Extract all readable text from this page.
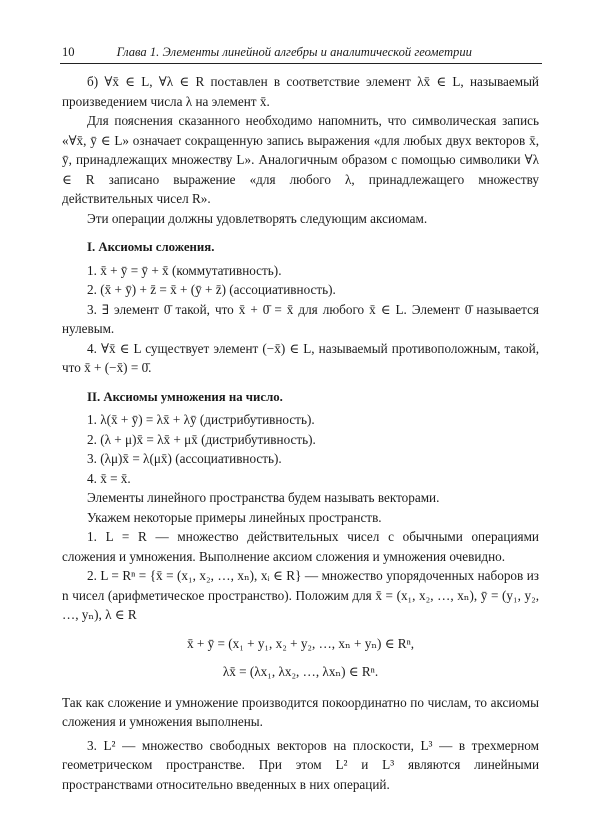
10	Глава 1. Элементы линейной алгебры и аналитической геометрии

б) ∀x̄ ∈ L, ∀λ ∈ R поставлен в соответствие элемент λx̄ ∈ L, называемый произведением числа λ на элемент x̄.

Для пояснения сказанного необходимо напомнить, что символическая запись «∀x̄, ȳ ∈ L» означает сокращенную запись выражения «для любых двух векторов x̄, ȳ, принадлежащих множеству L». Аналогичным образом с помощью символики ∀λ ∈ R записано выражение «для любого λ, принадлежащего множеству действительных чисел R».

Эти операции должны удовлетворять следующим аксиомам.

I. Аксиомы сложения.

1. x̄ + ȳ = ȳ + x̄ (коммутативность).

2. (x̄ + ȳ) + z̄ = x̄ + (ȳ + z̄) (ассоциативность).

3. ∃ элемент 0̄ такой, что x̄ + 0̄ = x̄ для любого x̄ ∈ L. Элемент 0̄ называется нулевым.

4. ∀x̄ ∈ L существует элемент (−x̄) ∈ L, называемый противоположным, такой, что x̄ + (−x̄) = 0̄.

II. Аксиомы умножения на число.

1. λ(x̄ + ȳ) = λx̄ + λȳ (дистрибутивность).

2. (λ + μ)x̄ = λx̄ + μx̄ (дистрибутивность).

3. (λμ)x̄ = λ(μx̄) (ассоциативность).

4. x̄ = x̄.

Элементы линейного пространства будем называть векторами.

Укажем некоторые примеры линейных пространств.

1. L = R — множество действительных чисел с обычными операциями сложения и умножения. Выполнение аксиом сложения и умножения очевидно.

2. L = Rⁿ = {x̄ = (x₁, x₂, …, xₙ), xᵢ ∈ R} — множество упорядоченных наборов из n чисел (арифметическое пространство). Положим для x̄ = (x₁, x₂, …, xₙ), ȳ = (y₁, y₂, …, yₙ), λ ∈ R

x̄ + ȳ = (x₁ + y₁, x₂ + y₂, …, xₙ + yₙ) ∈ Rⁿ,

λx̄ = (λx₁, λx₂, …, λxₙ) ∈ Rⁿ.

Так как сложение и умножение производится покоординатно по числам, то аксиомы сложения и умножения выполнены.

3. L² — множество свободных векторов на плоскости, L³ — в трехмерном геометрическом пространстве. При этом L² и L³ являются линейными пространствами относительно введенных в них операций.
